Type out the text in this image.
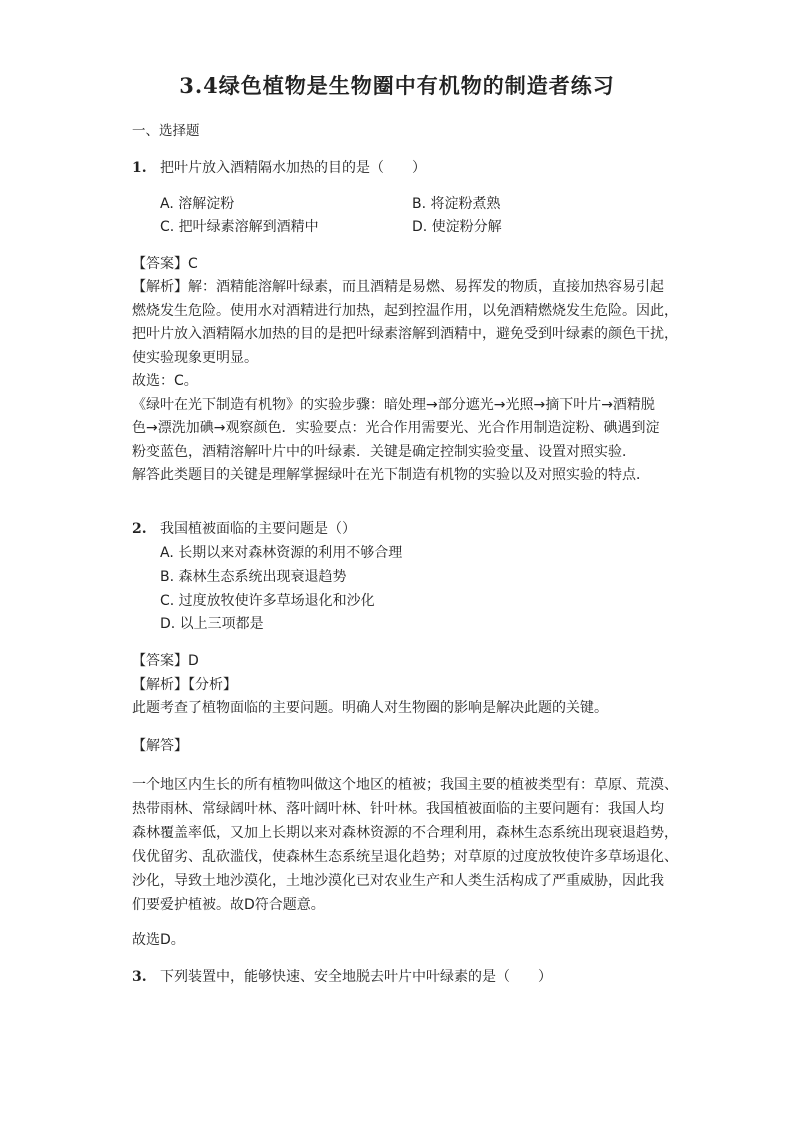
3.4绿色植物是生物圈中有机物的制造者练习
一、选择题
1. 把叶片放入酒精隔水加热的目的是（　　）
A. 溶解淀粉	B. 将淀粉煮熟
C. 把叶绿素溶解到酒精中	D. 使淀粉分解
【答案】C
【解析】解：酒精能溶解叶绿素，而且酒精是易燃、易挥发的物质，直接加热容易引起
燃烧发生危险。使用水对酒精进行加热，起到控温作用，以免酒精燃烧发生危险。因此，
把叶片放入酒精隔水加热的目的是把叶绿素溶解到酒精中，避免受到叶绿素的颜色干扰，
使实验现象更明显。
故选：C。
《绿叶在光下制造有机物》的实验步骤：暗处理→部分遮光→光照→摘下叶片→酒精脱
色→漂洗加碘→观察颜色．实验要点：光合作用需要光、光合作用制造淀粉、碘遇到淀
粉变蓝色，酒精溶解叶片中的叶绿素．关键是确定控制实验变量、设置对照实验．
解答此类题目的关键是理解掌握绿叶在光下制造有机物的实验以及对照实验的特点．
2. 我国植被面临的主要问题是（）
A. 长期以来对森林资源的利用不够合理
B. 森林生态系统出现衰退趋势
C. 过度放牧使许多草场退化和沙化
D. 以上三项都是
【答案】D
【解析】【分析】
此题考查了植物面临的主要问题。明确人对生物圈的影响是解决此题的关键。
【解答】
一个地区内生长的所有植物叫做这个地区的植被；我国主要的植被类型有：草原、荒漠、
热带雨林、常绿阔叶林、落叶阔叶林、针叶林。我国植被面临的主要问题有：我国人均
森林覆盖率低，又加上长期以来对森林资源的不合理利用，森林生态系统出现衰退趋势，
伐优留劣、乱砍滥伐，使森林生态系统呈退化趋势；对草原的过度放牧使许多草场退化、
沙化，导致土地沙漠化，土地沙漠化已对农业生产和人类生活构成了严重威胁，因此我
们要爱护植被。故D符合题意。
故选D。
3. 下列装置中，能够快速、安全地脱去叶片中叶绿素的是（　　）
